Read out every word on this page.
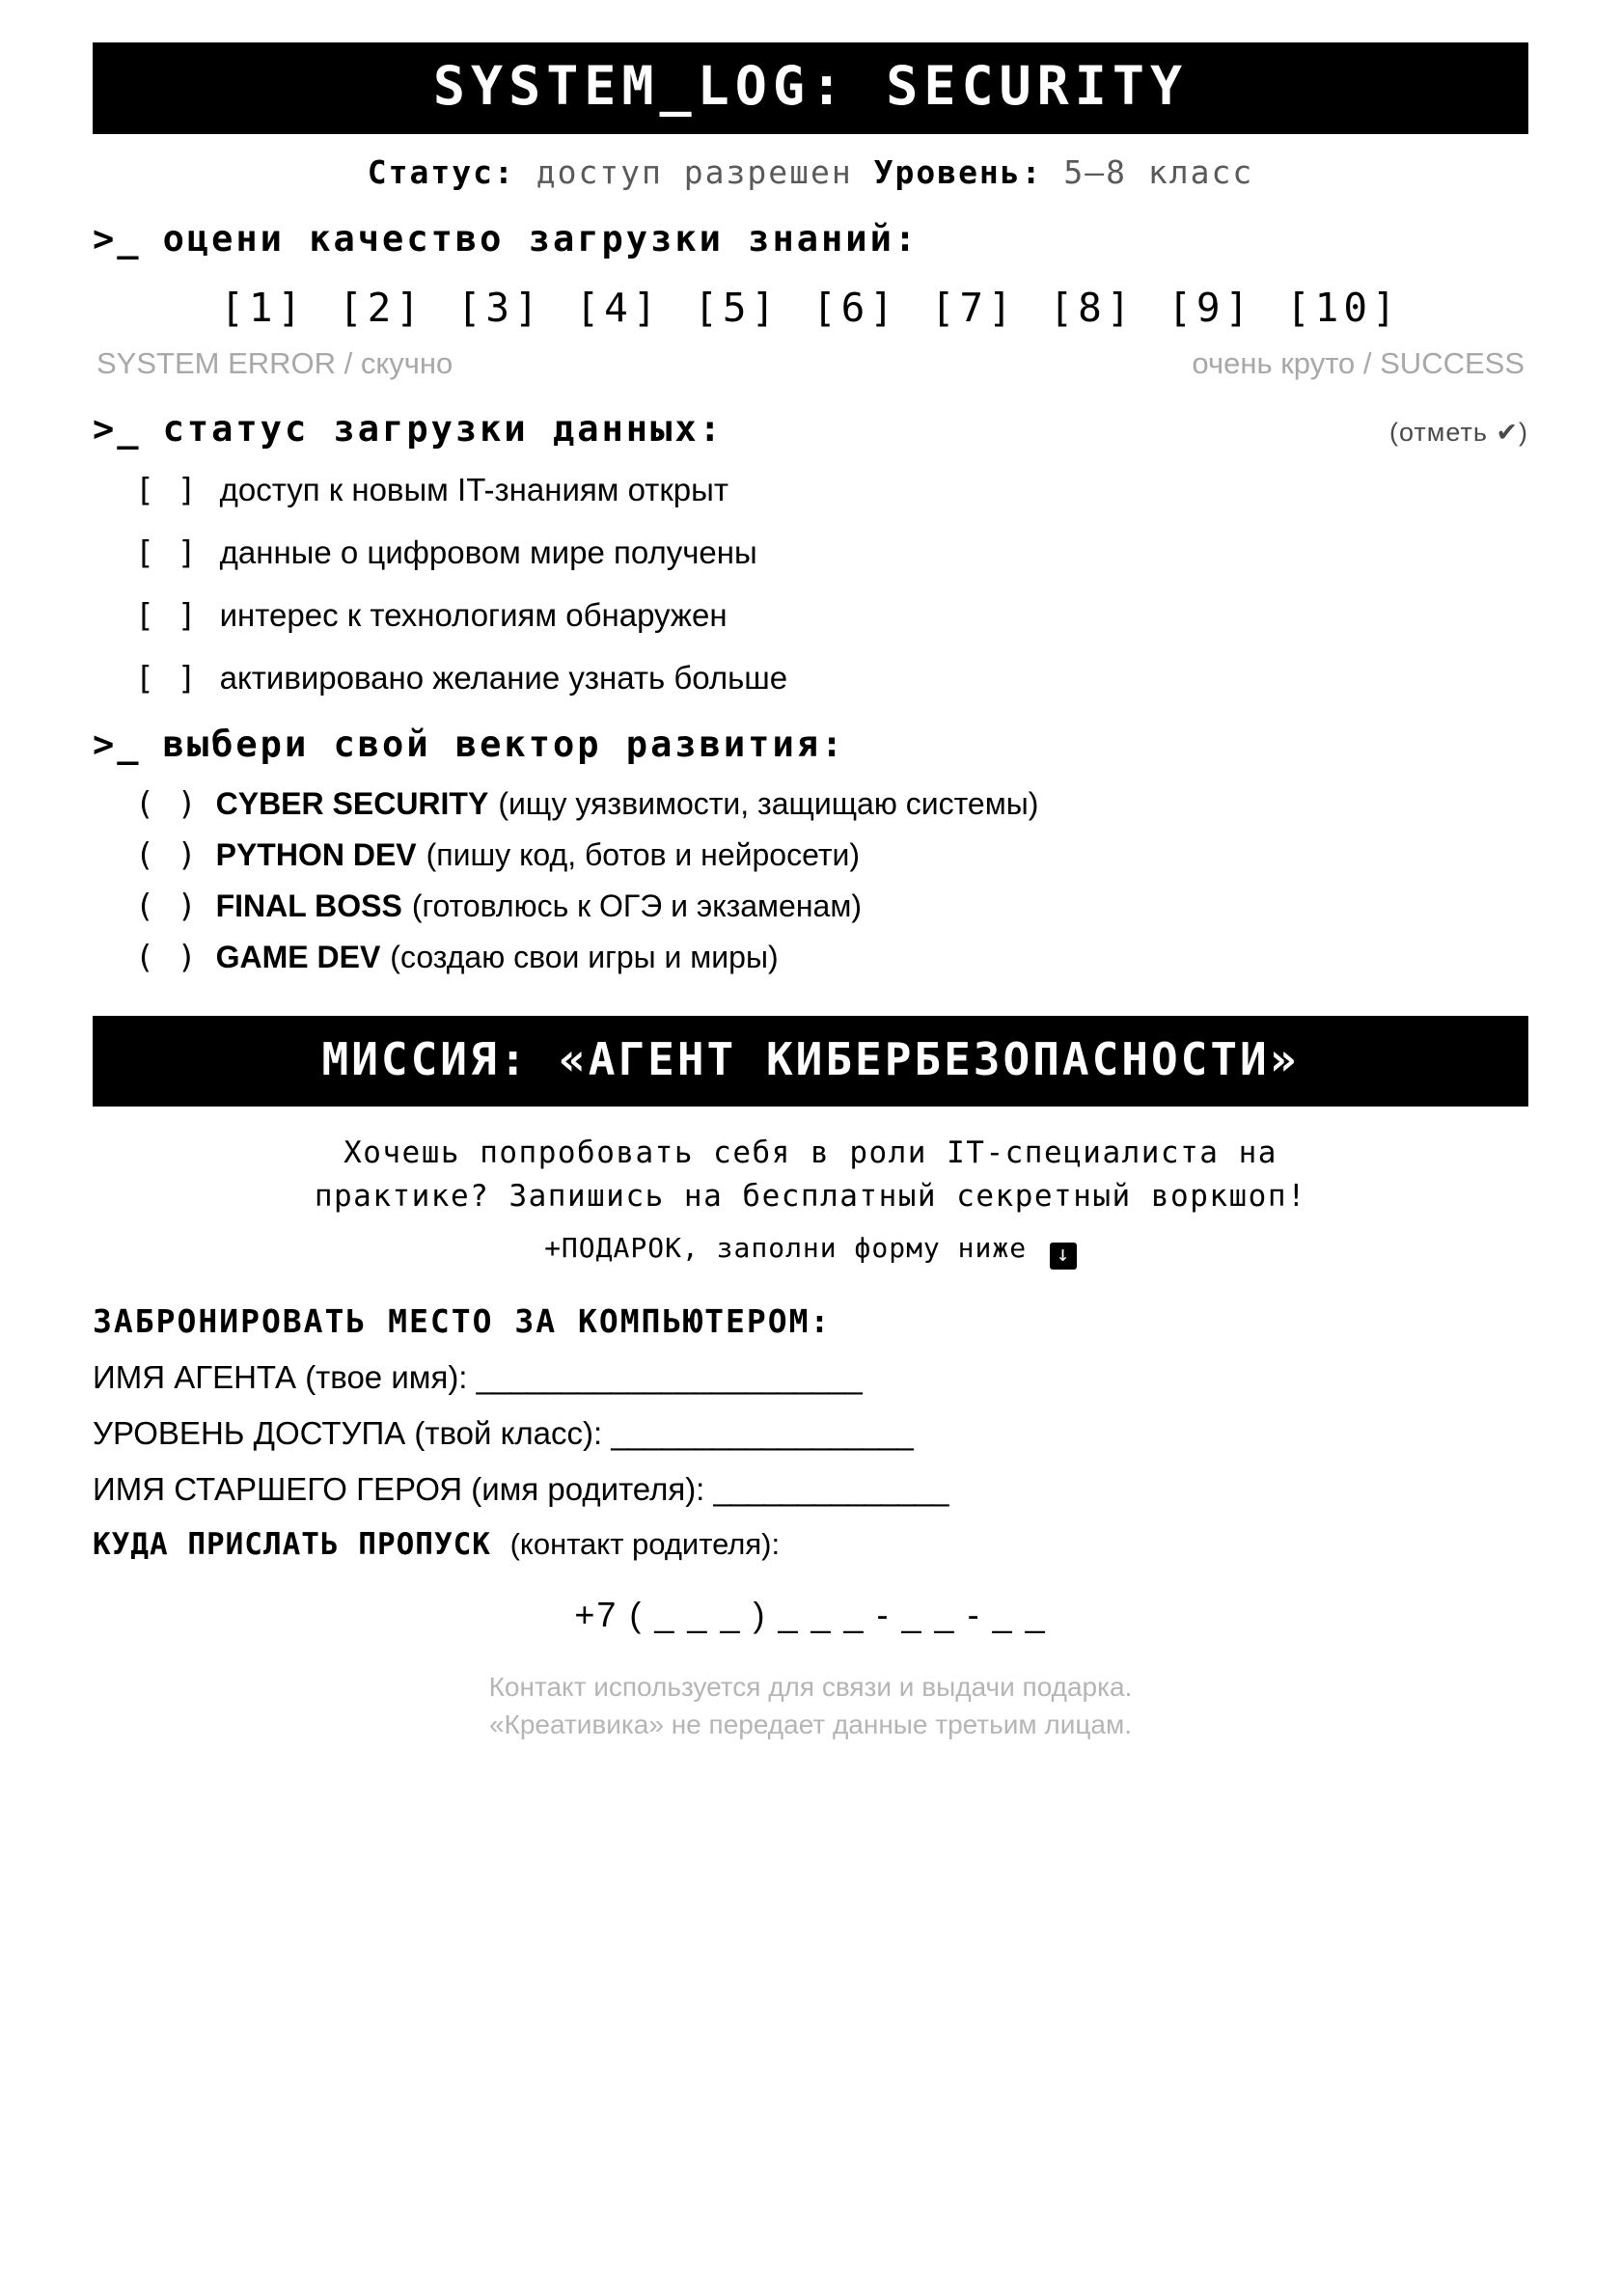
SYSTEM_LOG: SECURITY
Статус: доступ разрешен Уровень: 5–8 класс
>_ оцени качество загрузки знаний:
[1] [2] [3] [4] [5] [6] [7] [8] [9] [10]
SYSTEM ERROR / скучно	очень круто / SUCCESS
>_ статус загрузки данных:	(отметь ✔)
[ ] доступ к новым IT-знаниям открыт
[ ] данные о цифровом мире получены
[ ] интерес к технологиям обнаружен
[ ] активировано желание узнать больше
>_ выбери свой вектор развития:
( ) CYBER SECURITY (ищу уязвимости, защищаю системы)
( ) PYTHON DEV (пишу код, ботов и нейросети)
( ) FINAL BOSS (готовлюсь к ОГЭ и экзаменам)
( ) GAME DEV (создаю свои игры и миры)
МИССИЯ: «АГЕНТ КИБЕРБЕЗОПАСНОСТИ»
Хочешь попробовать себя в роли IT-специалиста на
практике? Запишись на бесплатный секретный воркшоп!
+ПОДАРОК, заполни форму ниже ↓
ЗАБРОНИРОВАТЬ МЕСТО ЗА КОМПЬЮТЕРОМ:
ИМЯ АГЕНТА (твое имя): _______________________
УРОВЕНЬ ДОСТУПА (твой класс): __________________
ИМЯ СТАРШЕГО ГЕРОЯ (имя родителя): ______________
КУДА ПРИСЛАТЬ ПРОПУСК (контакт родителя):
+7 ( _ _ _ ) _ _ _ - _ _ - _ _
Контакт используется для связи и выдачи подарка.
«Креативика» не передает данные третьим лицам.
